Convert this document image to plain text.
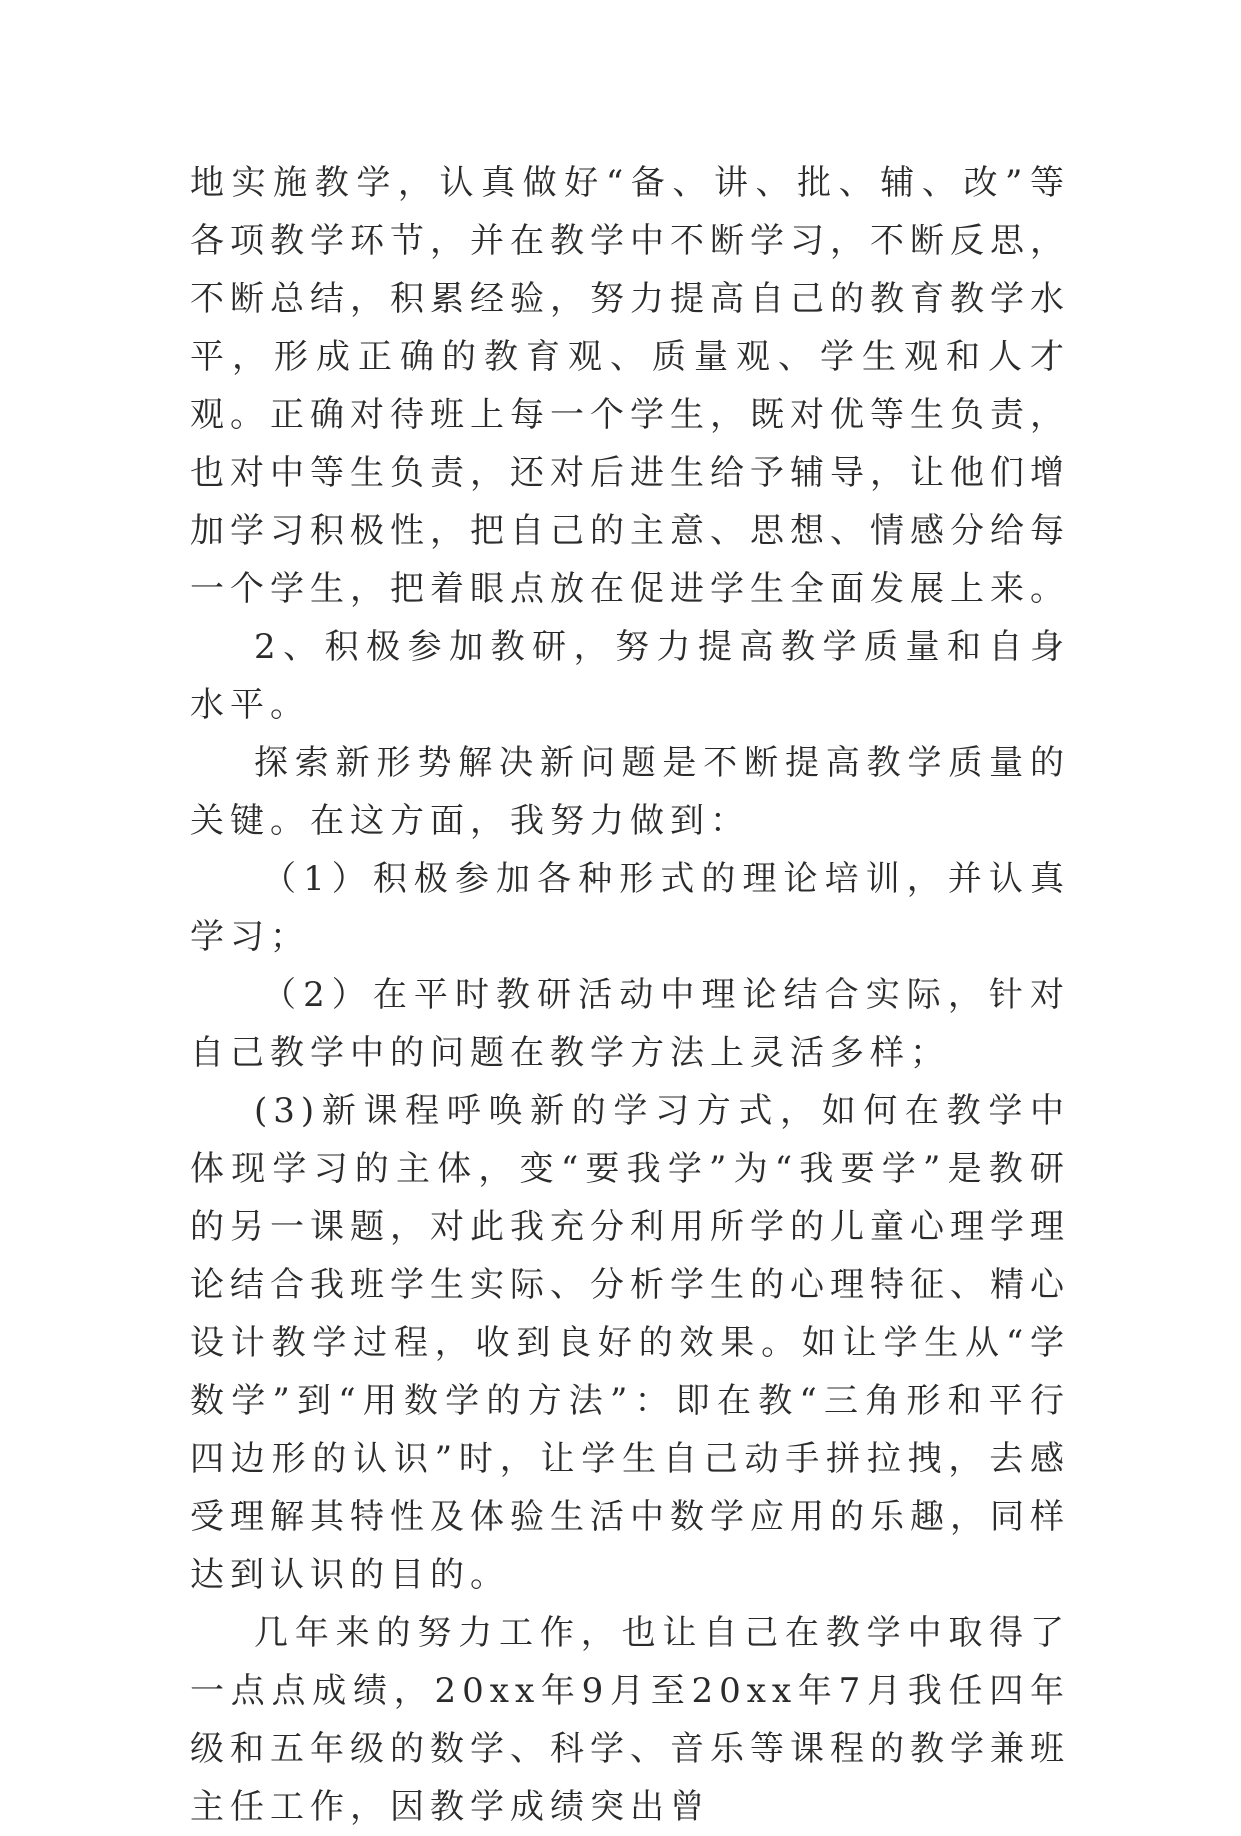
地实施教学，认真做好“备、讲、批、辅、改”等各项教学环节，并在教学中不断学习，不断反思，不断总结，积累经验，努力提高自己的教育教学水平，形成正确的教育观、质量观、学生观和人才观。正确对待班上每一个学生，既对优等生负责，也对中等生负责，还对后进生给予辅导，让他们增加学习积极性，把自己的主意、思想、情感分给每一个学生，把着眼点放在促进学生全面发展上来。

2、积极参加教研，努力提高教学质量和自身水平。

探索新形势解决新问题是不断提高教学质量的关键。在这方面，我努力做到：

（1）积极参加各种形式的理论培训，并认真学习；

（2）在平时教研活动中理论结合实际，针对自己教学中的问题在教学方法上灵活多样；

(3)新课程呼唤新的学习方式，如何在教学中体现学习的主体，变“要我学”为“我要学”是教研的另一课题，对此我充分利用所学的儿童心理学理论结合我班学生实际、分析学生的心理特征、精心设计教学过程，收到良好的效果。如让学生从“学数学”到“用数学的方法”：即在教“三角形和平行四边形的认识”时，让学生自己动手拼拉拽，去感受理解其特性及体验生活中数学应用的乐趣，同样达到认识的目的。

几年来的努力工作，也让自己在教学中取得了一点点成绩，20xx年9月至20xx年7月我任四年级和五年级的数学、科学、音乐等课程的教学兼班主任工作，因教学成绩突出曾
